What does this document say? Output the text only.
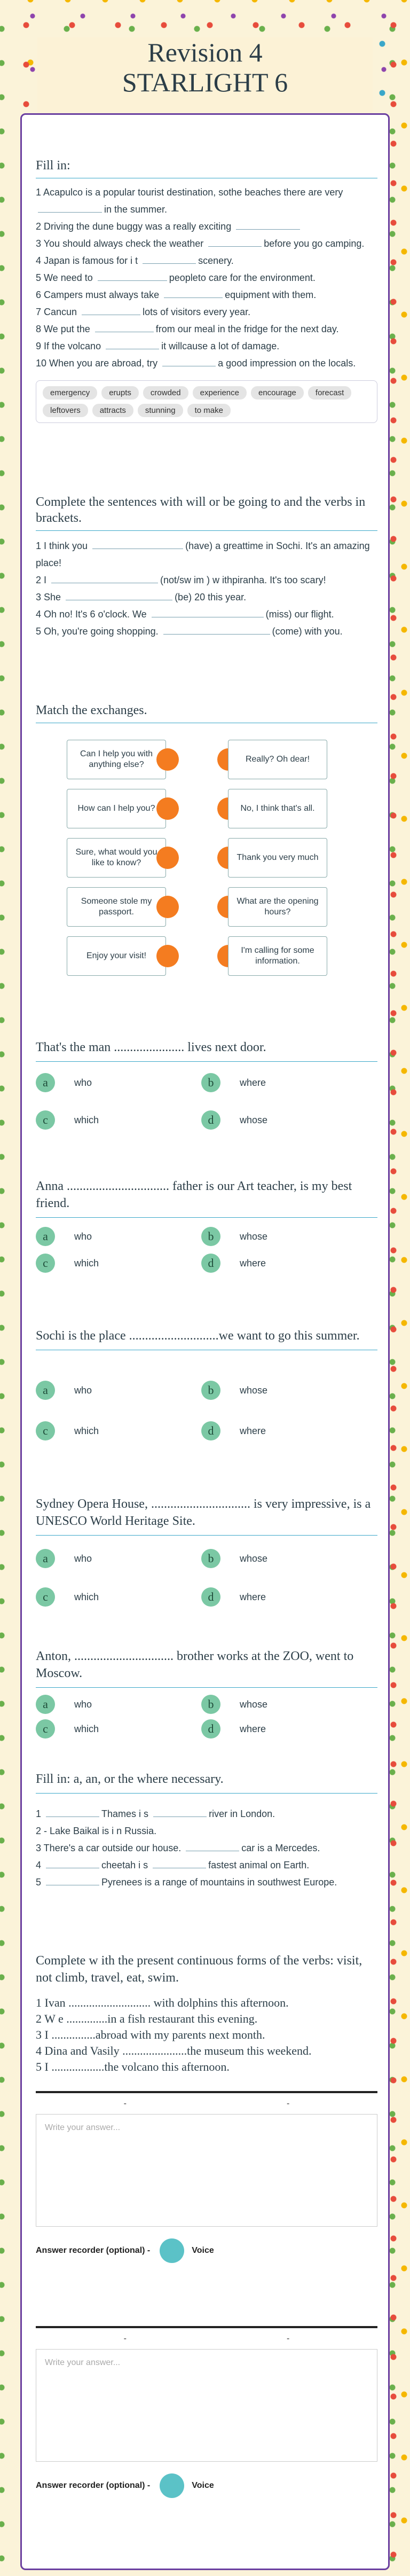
Revision 4
STARLIGHT 6
Fill in:
1 Acapulco is a popular tourist destination, sothe beaches there are very in the summer.
2 Driving the dune buggy was a really exciting
3 You should always check the weather	before you go camping.
4 Japan is famous for i t	scenery.
5 We need to	peopleto care for the environment.
6 Campers must always take	equipment with them.
7 Cancun	lots of visitors every year.
8 We put the	from our meal in the fridge for the next day.
9 If the volcano	it willcause a lot of damage.
10 When you are abroad, try	a good impression on the locals.
emergency	erupts	crowded	experience	encourage	forecast
leftovers	attracts	stunning	to make
Complete the sentences with will or be going to and the verbs in brackets.
1 I think you	(have) a greattime in Sochi. It's an amazing place!
2 I	(not/sw im ) w ithpiranha. It's too scary!
3 She	(be) 20 this year.
4 Oh no! It's 6 o'clock. We	(miss) our flight.
5 Oh, you're going shopping.	(come) with you.
Match the exchanges.
Can I help you with anything else?
How can I help you?
Sure, what would you like to know?
Someone stole my passport.
Enjoy your visit!
Really? Oh dear!
No, I think that's all.
Thank you very much
What are the opening hours?
I'm calling for some information.
That's the man ...................... lives next door.
a	who	b	where
c	which	d	whose
Anna ................................ father is our Art teacher, is my best friend.
a	who	b	whose
c	which	d	where
Sochi is the place ............................we want to go this summer.
a	who	b	whose
c	which	d	where
Sydney Opera House, ............................... is very impressive, is a UNESCO World Heritage Site.
a	who	b	whose
c	which	d	where
Anton, ............................... brother works at the ZOO, went to Moscow.
a	who	b	whose
c	which	d	where
Fill in: a, an, or the where necessary.
1	Thames i s	river in London.
2 - Lake Baikal is i n Russia.
3 There's a car outside our house.	car is a Mercedes.
4	cheetah i s	fastest animal on Earth.
5	Pyrenees is a range of mountains in southwest Europe.
Complete w ith the present continuous forms of the verbs: visit, not climb, travel, eat, swim.
1 Ivan ............................ with dolphins this afternoon.
2 W e ..............in a fish restaurant this evening.
3 I ...............abroad with my parents next month.
4 Dina and Vasily ......................the museum this weekend.
5 I ..................the volcano this afternoon.
-	-
Write your answer...
Answer recorder (optional) -	Voice
-	-
Write your answer...
Answer recorder (optional) -	Voice
